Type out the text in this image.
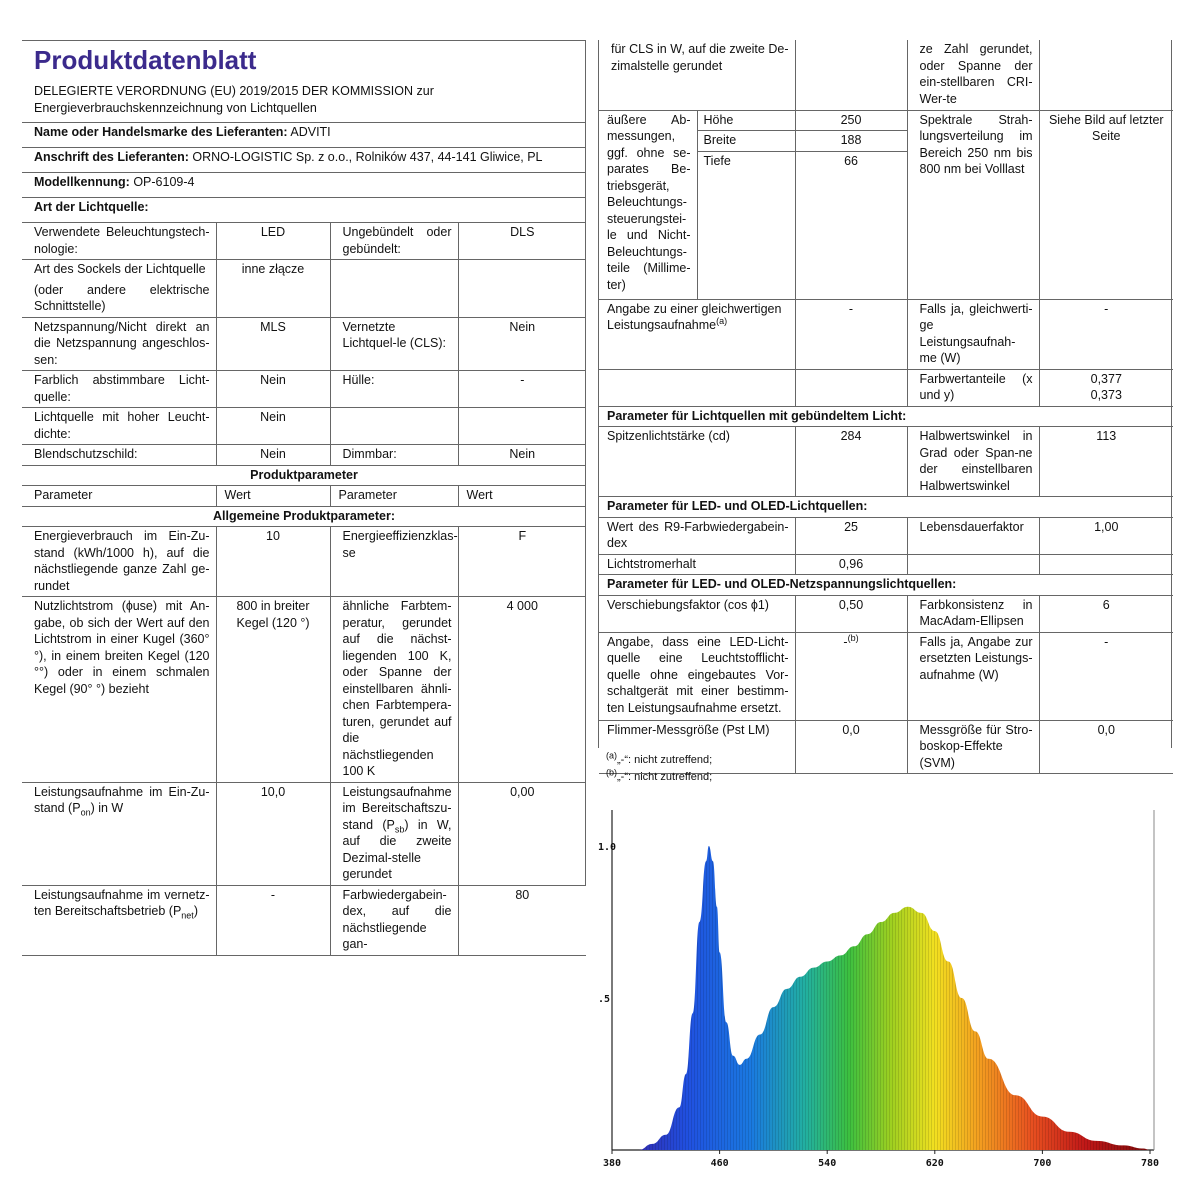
Produktdatenblatt
DELEGIERTE VERORDNUNG (EU) 2019/2015 DER KOMMISSION zur Energieverbrauchskennzeichnung von Lichtquellen
Name oder Handelsmarke des Lieferanten: ADVITI			
Anschrift des Lieferanten: ORNO-LOGISTIC Sp. z o.o., Rolników 437, 44-141 Gliwice, PL			
Modellkennung: OP-6109-4			
Art der Lichtquelle:			
Verwendete Beleuchtungstech-nologie:	LED	Ungebündelt oder gebündelt:	DLS

Art des Sockels der Lichtquelle
(oder andere elektrische Schnittstelle)	inne złącze		
Netzspannung/Nicht direkt an die Netzspannung angeschlos-sen:	MLS	Vernetzte Lichtquel-le (CLS):	Nein
Farblich abstimmbare Licht-quelle:	Nein	Hülle:	-
Lichtquelle mit hoher Leucht-dichte:	Nein		
Blendschutzschild:	Nein	Dimmbar:	Nein
Produktparameter			
Parameter	Wert	Parameter	Wert
Allgemeine Produktparameter:			
Energieverbrauch im Ein-Zu-stand (kWh/1000 h), auf die nächstliegende ganze Zahl ge-rundet	10	Energieeffizienzklas-se	F
Nutzlichtstrom (ɸuse) mit An-gabe, ob sich der Wert auf den Lichtstrom in einer Kugel (360° °), in einem breiten Kegel (120 °°) oder in einem schmalen Kegel (90° °) bezieht	800 in breiter Kegel (120 °)	ähnliche Farbtem-peratur, gerundet auf die nächst-liegenden 100 K, oder Spanne der einstellbaren ähnli-chen Farbtempera-turen, gerundet auf die nächstliegenden 100 K	4 000
Leistungsaufnahme im Ein-Zu-stand $(P_{on})$ in W	10,0	Leistungsaufnahme im Bereitschaftszu-stand $(P_{sb})$ in W, auf die zweite Dezimal-stelle gerundet	0,00
Leistungsaufnahme im vernetz-ten Bereitschaftsbetrieb $(P_{net})$	-	Farbwiedergabein-dex, auf die nächstliegende gan-	80
für CLS in W, auf die zweite De-zimalstelle gerundet			ze Zahl gerundet, oder Spanne der ein-stellbaren CRI-Wer-te	
äußere Ab-messungen, ggf. ohne se-parates Be-triebsgerät, Beleuchtungs-steuerungstei-le und Nicht-Beleuchtungs-teile (Millime-ter)	Höhe	250	Spektrale Strah-lungsverteilung im Bereich 250 nm bis 800 nm bei Volllast	Siehe Bild auf letzter Seite
	Breite	188		
	Tiefe	66		
Angabe zu einer gleichwertigen Leistungsaufnahme$^{(a)}$		-	Falls ja, gleichwerti-ge Leistungsaufnah-me (W)	-
			Farbwertanteile (x und y)	0,377
0,373

Parameter für Lichtquellen mit gebündeltem Licht:				
Spitzenlichtstärke (cd)		284	Halbwertswinkel in Grad oder Span-ne der einstellbaren Halbwertswinkel	113
Parameter für LED- und OLED-Lichtquellen:				
Wert des R9-Farbwiedergabein-dex		25	Lebensdauerfaktor	1,00
Lichtstromerhalt		0,96		
Parameter für LED- und OLED-Netzspannungslichtquellen:				
Verschiebungsfaktor (cos ϕ1)		0,50	Farbkonsistenz in MacAdam-Ellipsen	6
Angabe, dass eine LED-Licht-quelle eine Leuchtstofflicht-quelle ohne eingebautes Vor-schaltgerät mit einer bestimm-ten Leistungsaufnahme ersetzt.		-$^{(b)}$	Falls ja, Angabe zur ersetzten Leistungs-aufnahme (W)	-
Flimmer-Messgröße (Pst LM)		0,0	Messgröße für Stro-boskop-Effekte (SVM)	0,0
$^{(a)}$„-“: nicht zutreffend;
$^{(b)}$„-“: nicht zutreffend;
380	460	540	620	700	780
.5
1.0
